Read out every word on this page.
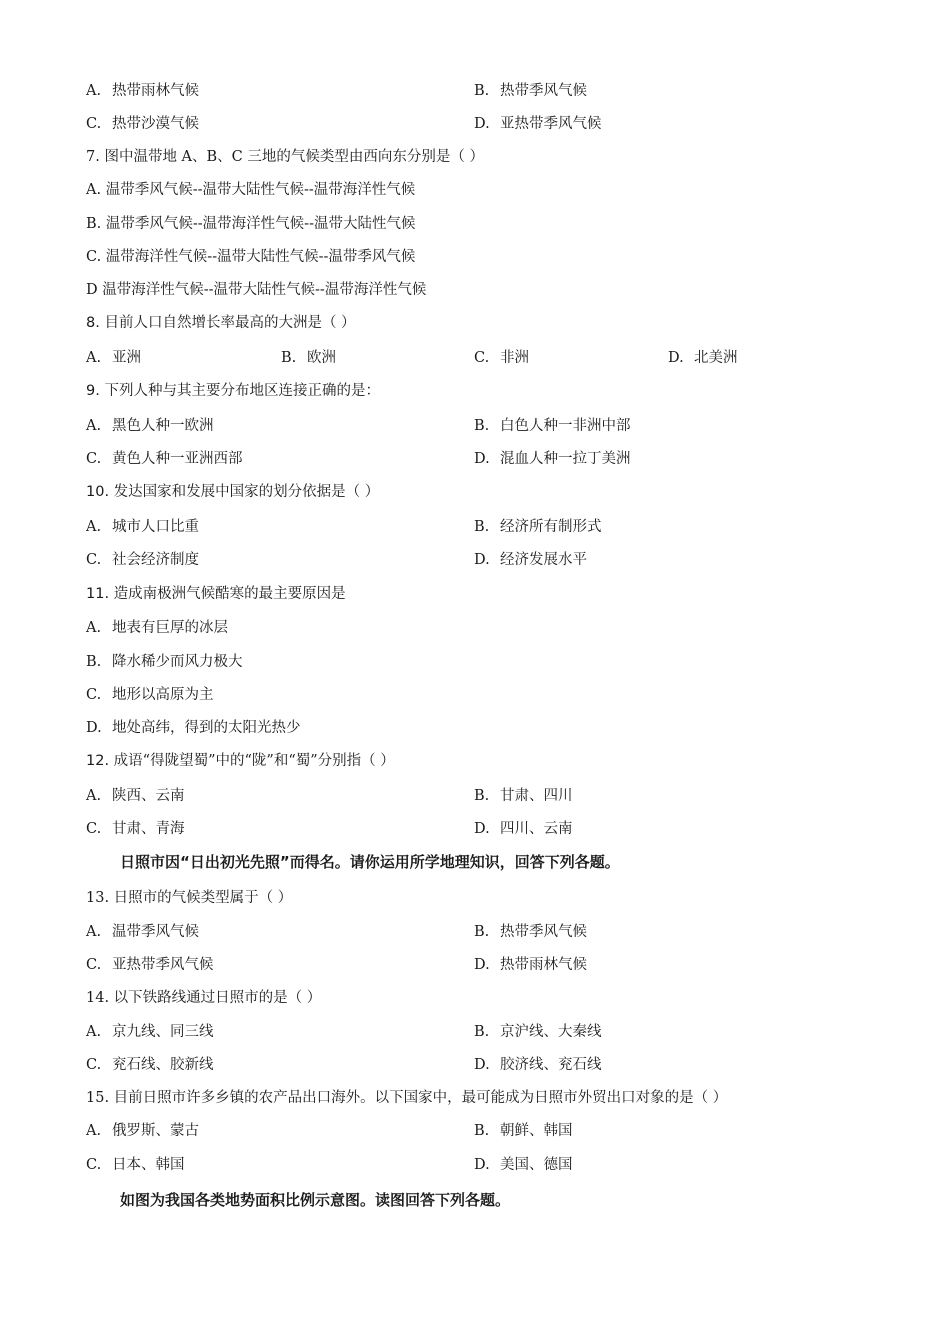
A. 热带雨林气候	B. 热带季风气候
C. 热带沙漠气候	D. 亚热带季风气候
7. 图中温带地 A、B、C 三地的气候类型由西向东分别是（ ）
A. 温带季风气候--温带大陆性气候--温带海洋性气候
B. 温带季风气候--温带海洋性气候--温带大陆性气候
C. 温带海洋性气候--温带大陆性气候--温带季风气候
D 温带海洋性气候--温带大陆性气候--温带海洋性气候
8. 目前人口自然增长率最高的大洲是（ ）
A. 亚洲	B. 欧洲	C. 非洲	D. 北美洲
9. 下列人种与其主要分布地区连接正确的是：
A. 黑色人种一欧洲	B. 白色人种一非洲中部
C. 黄色人种一亚洲西部	D. 混血人种一拉丁美洲
10. 发达国家和发展中国家的划分依据是（ ）
A. 城市人口比重	B. 经济所有制形式
C. 社会经济制度	D. 经济发展水平
11. 造成南极洲气候酷寒的最主要原因是
A. 地表有巨厚的冰层
B. 降水稀少而风力极大
C. 地形以高原为主
D. 地处高纬，得到的太阳光热少
12. 成语“得陇望蜀”中的“陇”和“蜀”分别指（ ）
A. 陕西、云南	B. 甘肃、四川
C. 甘肃、青海	D. 四川、云南
日照市因“日出初光先照”而得名。请你运用所学地理知识，回答下列各题。
13. 日照市的气候类型属于（ ）
A. 温带季风气候	B. 热带季风气候
C. 亚热带季风气候	D. 热带雨林气候
14. 以下铁路线通过日照市的是（ ）
A. 京九线、同三线	B. 京沪线、大秦线
C. 兖石线、胶新线	D. 胶济线、兖石线
15. 目前日照市许多乡镇的农产品出口海外。以下国家中，最可能成为日照市外贸出口对象的是（ ）
A. 俄罗斯、蒙古	B. 朝鲜、韩国
C. 日本、韩国	D. 美国、德国
如图为我国各类地势面积比例示意图。读图回答下列各题。
